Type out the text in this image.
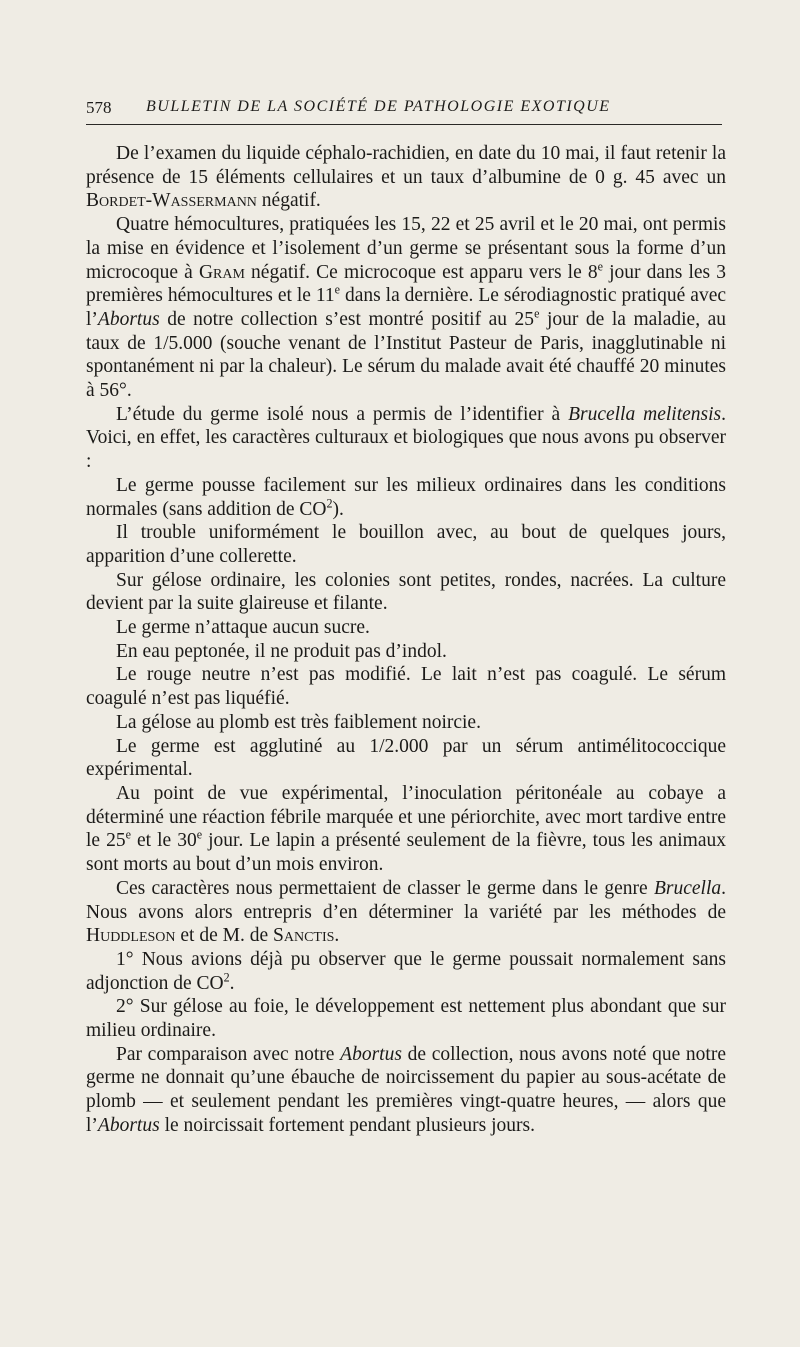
578 BULLETIN DE LA SOCIÉTÉ DE PATHOLOGIE EXOTIQUE

De l’examen du liquide céphalo-rachidien, en date du 10 mai, il faut retenir la présence de 15 éléments cellulaires et un taux d’albumine de 0 g. 45 avec un Bordet-Wassermann négatif.

Quatre hémocultures, pratiquées les 15, 22 et 25 avril et le 20 mai, ont permis la mise en évidence et l’isolement d’un germe se présentant sous la forme d’un microcoque à Gram négatif. Ce microcoque est apparu vers le 8e jour dans les 3 premières hémocultures et le 11e dans la dernière. Le sérodiagnostic pratiqué avec l’Abortus de notre collection s’est montré positif au 25e jour de la maladie, au taux de 1/5.000 (souche venant de l’Institut Pasteur de Paris, inagglutinable ni spontanément ni par la chaleur). Le sérum du malade avait été chauffé 20 minutes à 56°.

L’étude du germe isolé nous a permis de l’identifier à Brucella melitensis. Voici, en effet, les caractères culturaux et biologiques que nous avons pu observer :

Le germe pousse facilement sur les milieux ordinaires dans les conditions normales (sans addition de $CO^2$).

Il trouble uniformément le bouillon avec, au bout de quelques jours, apparition d’une collerette.

Sur gélose ordinaire, les colonies sont petites, rondes, nacrées. La culture devient par la suite glaireuse et filante.

Le germe n’attaque aucun sucre.

En eau peptonée, il ne produit pas d’indol.

Le rouge neutre n’est pas modifié. Le lait n’est pas coagulé. Le sérum coagulé n’est pas liquéfié.

La gélose au plomb est très faiblement noircie.

Le germe est agglutiné au 1/2.000 par un sérum antimélitococcique expérimental.

Au point de vue expérimental, l’inoculation péritonéale au cobaye a déterminé une réaction fébrile marquée et une périorchite, avec mort tardive entre le 25e et le 30e jour. Le lapin a présenté seulement de la fièvre, tous les animaux sont morts au bout d’un mois environ.

Ces caractères nous permettaient de classer le germe dans le genre Brucella. Nous avons alors entrepris d’en déterminer la variété par les méthodes de Huddleson et de M. de Sanctis.

1° Nous avions déjà pu observer que le germe poussait normalement sans adjonction de $CO^2$.

2° Sur gélose au foie, le développement est nettement plus abondant que sur milieu ordinaire.

Par comparaison avec notre Abortus de collection, nous avons noté que notre germe ne donnait qu’une ébauche de noircissement du papier au sous-acétate de plomb — et seulement pendant les premières vingt-quatre heures, — alors que l’Abortus le noircissait fortement pendant plusieurs jours.
